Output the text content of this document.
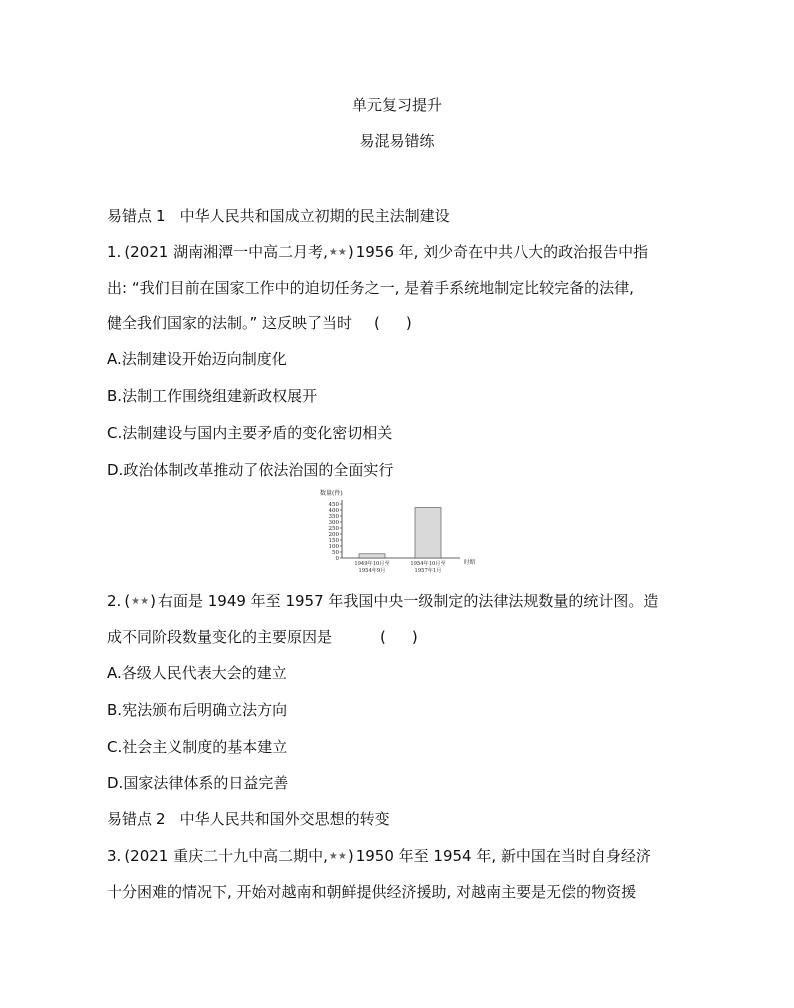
单元复习提升
易混易错练
易错点 1 中华人民共和国成立初期的民主法制建设
1. (2021 湖南湘潭一中高二月考,★★) 1956 年, 刘少奇在中共八大的政治报告中指
出: “我们目前在国家工作中的迫切任务之一, 是着手系统地制定比较完备的法律,
健全我们国家的法制。” 这反映了当时 ( )
A.法制建设开始迈向制度化
B.法制工作围绕组建新政权展开
C.法制建设与国内主要矛盾的变化密切相关
D.政治体制改革推动了依法治国的全面实行
数量(件)
时期
0
50
100
150
200
250
300
350
400
450
1949年10月至
1954年9月
1954年10月至
1957年1月
2. (★★) 右面是 1949 年至 1957 年我国中央一级制定的法律法规数量的统计图。造
成不同阶段数量变化的主要原因是	( )
A.各级人民代表大会的建立
B.宪法颁布后明确立法方向
C.社会主义制度的基本建立
D.国家法律体系的日益完善
易错点 2 中华人民共和国外交思想的转变
3. (2021 重庆二十九中高二期中,★★) 1950 年至 1954 年, 新中国在当时自身经济
十分困难的情况下, 开始对越南和朝鲜提供经济援助, 对越南主要是无偿的物资援
